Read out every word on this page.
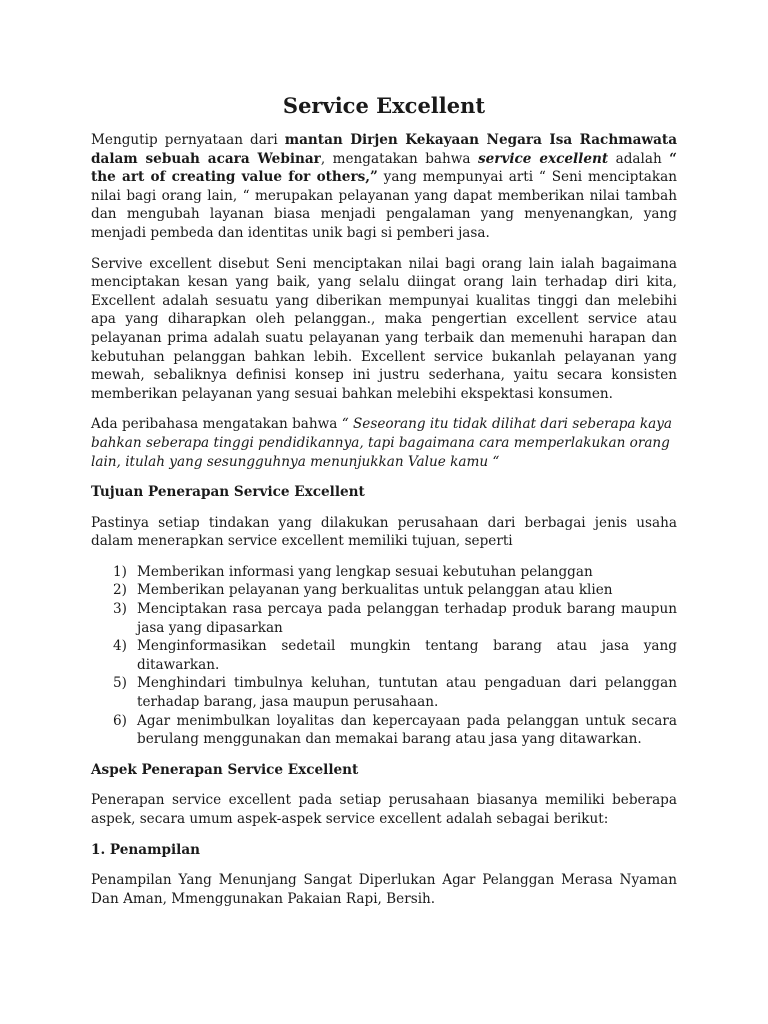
Service Excellent

Mengutip pernyataan dari mantan Dirjen Kekayaan Negara Isa Rachmawata dalam sebuah acara Webinar, mengatakan bahwa service excellent adalah “ the art of creating value for others,” yang mempunyai arti “ Seni menciptakan nilai bagi orang lain, “ merupakan pelayanan yang dapat memberikan nilai tambah dan mengubah layanan biasa menjadi pengalaman yang menyenangkan, yang menjadi pembeda dan identitas unik bagi si pemberi jasa.

Servive excellent disebut Seni menciptakan nilai bagi orang lain ialah bagaimana menciptakan kesan yang baik, yang selalu diingat orang lain terhadap diri kita, Excellent adalah sesuatu yang diberikan mempunyai kualitas tinggi dan melebihi apa yang diharapkan oleh pelanggan., maka pengertian excellent service atau pelayanan prima adalah suatu pelayanan yang terbaik dan memenuhi harapan dan kebutuhan pelanggan bahkan lebih. Excellent service bukanlah pelayanan yang mewah, sebaliknya definisi konsep ini justru sederhana, yaitu secara konsisten memberikan pelayanan yang sesuai bahkan melebihi ekspektasi konsumen.

Ada peribahasa mengatakan bahwa “ Seseorang itu tidak dilihat dari seberapa kaya bahkan seberapa tinggi pendidikannya, tapi bagaimana cara memperlakukan orang lain, itulah yang sesungguhnya menunjukkan Value kamu “

Tujuan Penerapan Service Excellent

Pastinya setiap tindakan yang dilakukan perusahaan dari berbagai jenis usaha dalam menerapkan service excellent memiliki tujuan, seperti

1) Memberikan informasi yang lengkap sesuai kebutuhan pelanggan
2) Memberikan pelayanan yang berkualitas untuk pelanggan atau klien
3) Menciptakan rasa percaya pada pelanggan terhadap produk barang maupun jasa yang dipasarkan
4) Menginformasikan sedetail mungkin tentang barang atau jasa yang ditawarkan.
5) Menghindari timbulnya keluhan, tuntutan atau pengaduan dari pelanggan terhadap barang, jasa maupun perusahaan.
6) Agar menimbulkan loyalitas dan kepercayaan pada pelanggan untuk secara berulang menggunakan dan memakai barang atau jasa yang ditawarkan.
Aspek Penerapan Service Excellent

Penerapan service excellent pada setiap perusahaan biasanya memiliki beberapa aspek, secara umum aspek-aspek service excellent adalah sebagai berikut:

1. Penampilan

Penampilan Yang Menunjang Sangat Diperlukan Agar Pelanggan Merasa Nyaman Dan Aman, Mmenggunakan Pakaian Rapi, Bersih.
